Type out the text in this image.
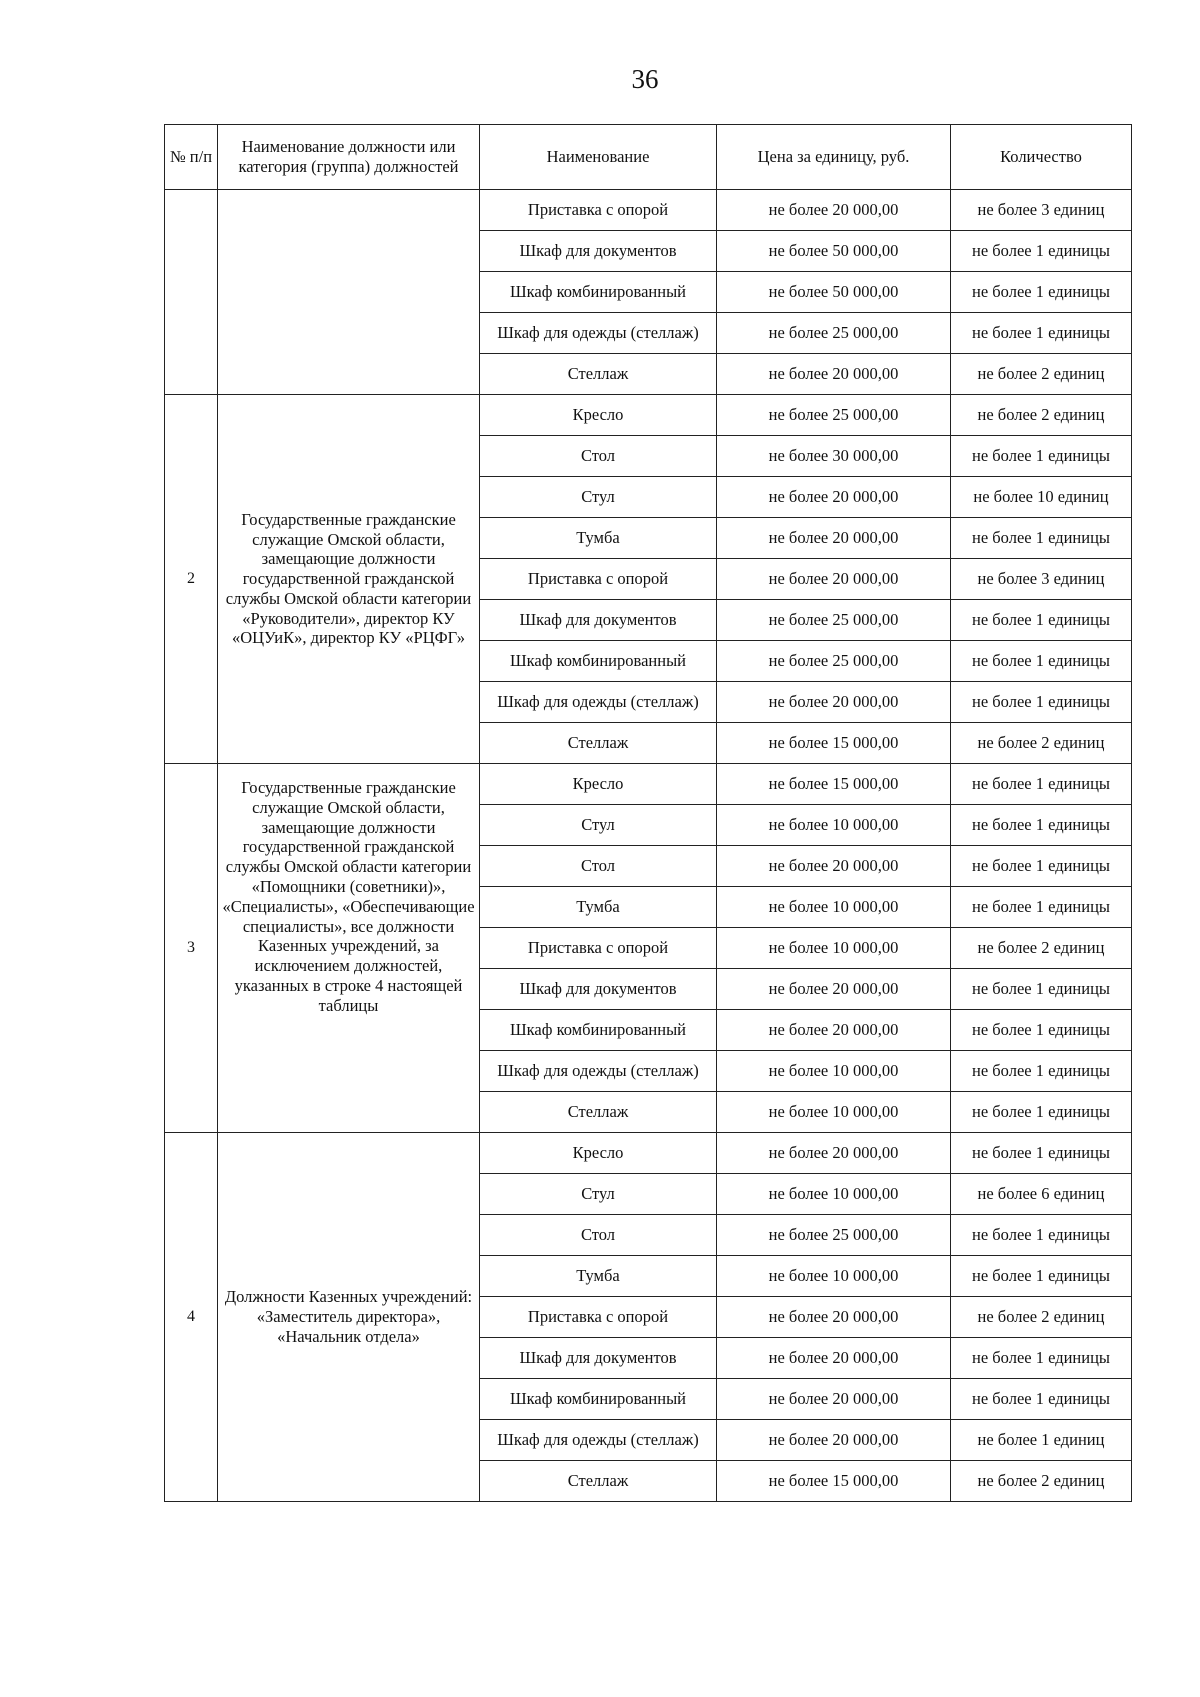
36
№ п/п	Наименование должности или категория (группа) должностей	Наименование	Цена за единицу, руб.	Количество
		Приставка с опорой	не более 20 000,00	не более 3 единиц
		Шкаф для документов	не более 50 000,00	не более 1 единицы
		Шкаф комбинированный	не более 50 000,00	не более 1 единицы
		Шкаф для одежды (стеллаж)	не более 25 000,00	не более 1 единицы
		Стеллаж	не более 20 000,00	не более 2 единиц
2	Государственные гражданские служащие Омской области, замещающие должности государственной гражданской службы Омской области категории «Руководители», директор КУ «ОЦУиК», директор КУ «РЦФГ»	Кресло	не более 25 000,00	не более 2 единиц
		Стол	не более 30 000,00	не более 1 единицы
		Стул	не более 20 000,00	не более 10 единиц
		Тумба	не более 20 000,00	не более 1 единицы
		Приставка с опорой	не более 20 000,00	не более 3 единиц
		Шкаф для документов	не более 25 000,00	не более 1 единицы
		Шкаф комбинированный	не более 25 000,00	не более 1 единицы
		Шкаф для одежды (стеллаж)	не более 20 000,00	не более 1 единицы
		Стеллаж	не более 15 000,00	не более 2 единиц
3	Государственные гражданские служащие Омской области, замещающие должности государственной гражданской службы Омской области категории «Помощники (советники)», «Специалисты», «Обеспечивающие специалисты», все должности Казенных учреждений, за исключением должностей, указанных в строке 4 настоящей таблицы	Кресло	не более 15 000,00	не более 1 единицы
		Стул	не более 10 000,00	не более 1 единицы
		Стол	не более 20 000,00	не более 1 единицы
		Тумба	не более 10 000,00	не более 1 единицы
		Приставка с опорой	не более 10 000,00	не более 2 единиц
		Шкаф для документов	не более 20 000,00	не более 1 единицы
		Шкаф комбинированный	не более 20 000,00	не более 1 единицы
		Шкаф для одежды (стеллаж)	не более 10 000,00	не более 1 единицы
		Стеллаж	не более 10 000,00	не более 1 единицы
4	Должности Казенных учреждений: «Заместитель директора», «Начальник отдела»	Кресло	не более 20 000,00	не более 1 единицы
		Стул	не более 10 000,00	не более 6 единиц
		Стол	не более 25 000,00	не более 1 единицы
		Тумба	не более 10 000,00	не более 1 единицы
		Приставка с опорой	не более 20 000,00	не более 2 единиц
		Шкаф для документов	не более 20 000,00	не более 1 единицы
		Шкаф комбинированный	не более 20 000,00	не более 1 единицы
		Шкаф для одежды (стеллаж)	не более 20 000,00	не более 1 единиц
		Стеллаж	не более 15 000,00	не более 2 единиц
